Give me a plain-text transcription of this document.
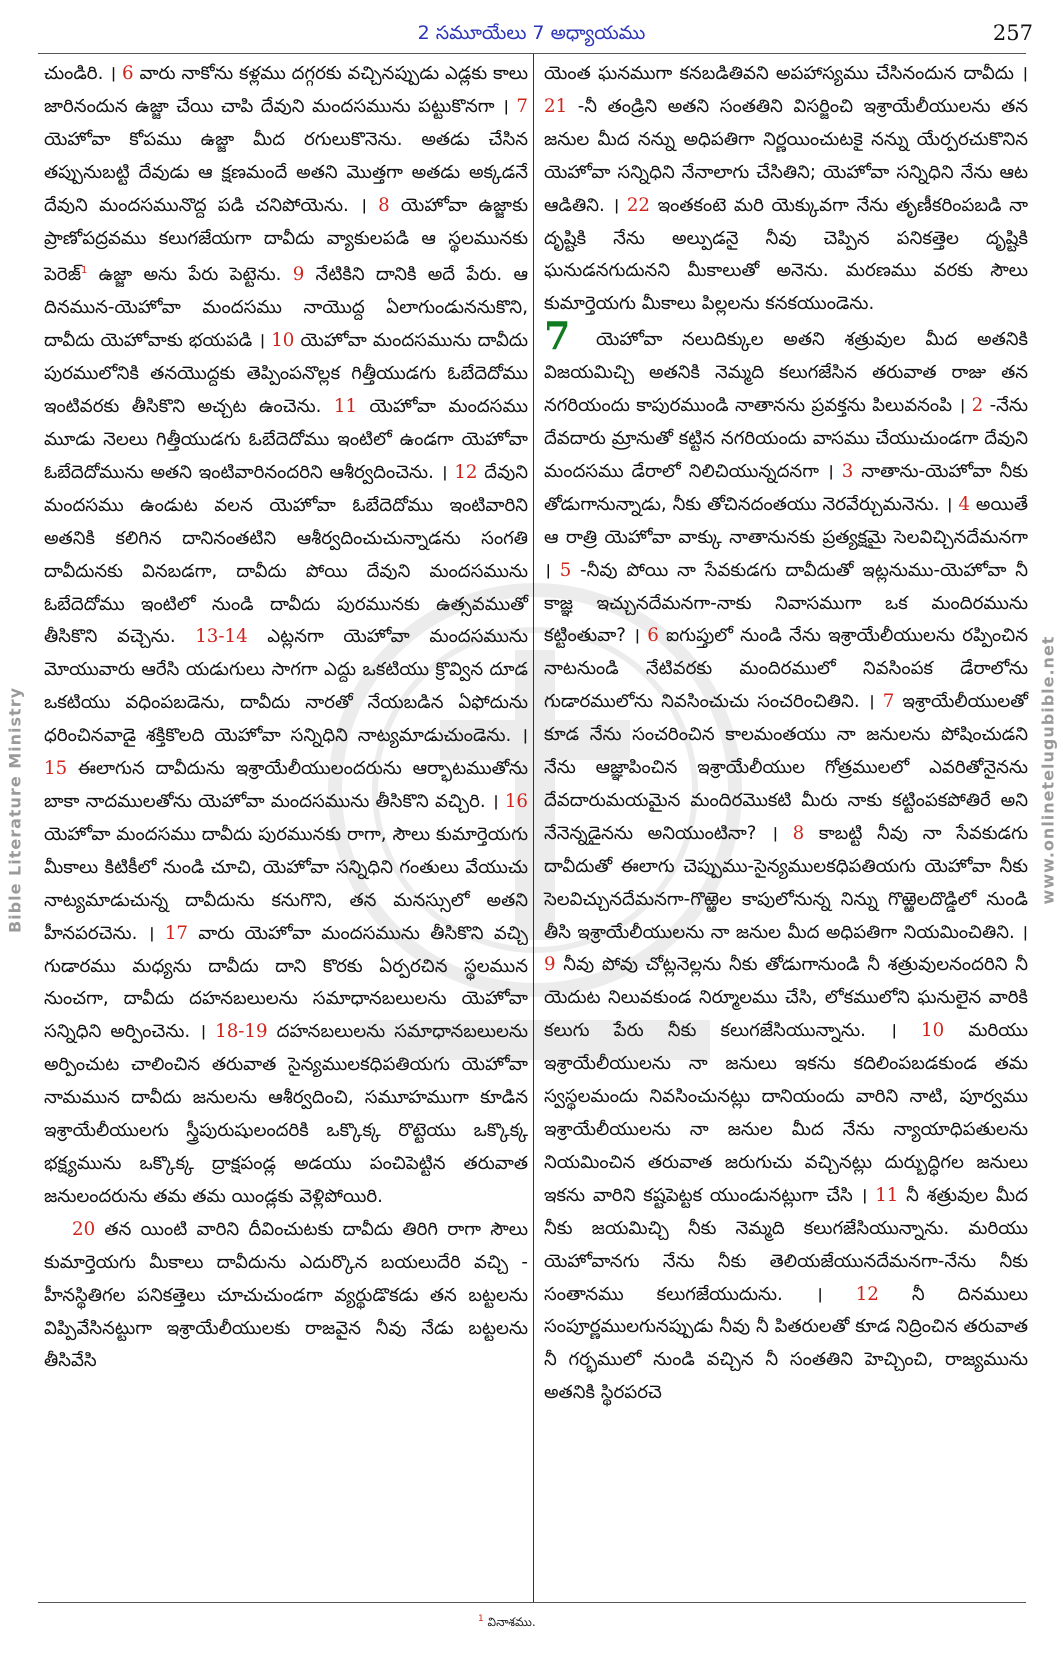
2 సమూయేలు 7 అధ్యాయము	257
Bible Literature Ministry	www.onlinetelugubible.net

చుండిరి. । 6 వారు నాకోను కళ్లము దగ్గరకు వచ్చినప్పుడు ఎడ్లకు కాలు జారినందున ఉజ్జా చేయి చాపి దేవుని మందసమును పట్టుకొనగా । 7 యెహోవా కోపము ఉజ్జా మీద రగులుకొనెను. అతడు చేసిన తప్పునుబట్టి దేవుడు ఆ క్షణమందే అతని మొత్తగా అతడు అక్కడనే దేవుని మందసమునొద్ద పడి చనిపోయెను. । 8 యెహోవా ఉజ్జాకు ప్రాణోపద్రవము కలుగజేయగా దావీదు వ్యాకులపడి ఆ స్థలమునకు పెరెజ్$^1$ ఉజ్జా అను పేరు పెట్టెను. 9 నేటికిని దానికి అదే పేరు. ఆ దినమున-యెహోవా మందసము నాయొద్ద ఏలాగుండుననుకొని, దావీదు యెహోవాకు భయపడి । 10 యెహోవా మందసమును దావీదు పురములోనికి తనయొద్దకు తెప్పింపనొల్లక గిత్తీయుడగు ఓబేదెదోము ఇంటివరకు తీసికొని అచ్చట ఉంచెను. 11 యెహోవా మందసము మూడు నెలలు గిత్తీయుడగు ఓబేదెదోము ఇంటిలో ఉండగా యెహోవా ఓబేదెదోమును అతని ఇంటివారినందరిని ఆశీర్వదించెను. । 12 దేవుని మందసము ఉండుట వలన యెహోవా ఓబేదెదోము ఇంటివారిని అతనికి కలిగిన దానినంతటిని ఆశీర్వదించుచున్నాడను సంగతి దావీదునకు వినబడగా, దావీదు పోయి దేవుని మందసమును ఓబేదెదోము ఇంటిలో నుండి దావీదు పురమునకు ఉత్సవముతో తీసికొని వచ్చెను. 13-14 ఎట్లనగా యెహోవా మందసమును మోయువారు ఆరేసి యడుగులు సాగగా ఎద్దు ఒకటియు క్రొవ్విన దూడ ఒకటియు వధింపబడెను, దావీదు నారతో నేయబడిన ఏఫోదును ధరించినవాడై శక్తికొలది యెహోవా సన్నిధిని నాట్యమాడుచుండెను. । 15 ఈలాగున దావీదును ఇశ్రాయేలీయులందరును ఆర్భాటముతోను బాకా నాదములతోను యెహోవా మందసమును తీసికొని వచ్చిరి. । 16 యెహోవా మందసము దావీదు పురమునకు రాగా, సౌలు కుమార్తెయగు మీకాలు కిటికీలో నుండి చూచి, యెహోవా సన్నిధిని గంతులు వేయుచు నాట్యమాడుచున్న దావీదును కనుగొని, తన మనస్సులో అతని హీనపరచెను. । 17 వారు యెహోవా మందసమును తీసికొని వచ్చి గుడారము మధ్యను దావీదు దాని కొరకు ఏర్పరచిన స్థలమున నుంచగా, దావీదు దహనబలులను సమాధానబలులను యెహోవా సన్నిధిని అర్పించెను. । 18-19 దహనబలులను సమాధానబలులను అర్పించుట చాలించిన తరువాత సైన్యములకధిపతియగు యెహోవా నామమున దావీదు జనులను ఆశీర్వదించి, సమూహముగా కూడిన ఇశ్రాయేలీయులగు స్త్రీపురుషులందరికి ఒక్కొక్క రొట్టెయు ఒక్కొక్క భక్ష్యమును ఒక్కొక్క ద్రాక్షపండ్ల అడయు పంచిపెట్టిన తరువాత జనులందరును తమ తమ యిండ్లకు వెళ్లిపోయిరి.

20 తన యింటి వారిని దీవించుటకు దావీదు తిరిగి రాగా సౌలు కుమార్తెయగు మీకాలు దావీదును ఎదుర్కొన బయలుదేరి వచ్చి - హీనస్థితిగల పనికత్తెలు చూచుచుండగా వ్యర్థుడొకడు తన బట్టలను విప్పివేసినట్టుగా ఇశ్రాయేలీయులకు రాజవైన నీవు నేడు బట్టలను తీసివేసి

యెంత ఘనముగా కనబడితివని అపహాస్యము చేసినందున దావీదు । 21 -నీ తండ్రిని అతని సంతతిని విసర్జించి ఇశ్రాయేలీయులను తన జనుల మీద నన్ను అధిపతిగా నిర్ణయించుటకై నన్ను యేర్పరచుకొనిన యెహోవా సన్నిధిని నేనాలాగు చేసితిని; యెహోవా సన్నిధిని నేను ఆట ఆడితిని. । 22 ఇంతకంటె మరి యెక్కువగా నేను తృణీకరింపబడి నా దృష్టికి నేను అల్పుడనై నీవు చెప్పిన పనికత్తెల దృష్టికి ఘనుడనగుదునని మీకాలుతో అనెను. మరణము వరకు సౌలు కుమార్తెయగు మీకాలు పిల్లలను కనకయుండెను.

7 యెహోవా నలుదిక్కుల అతని శత్రువుల మీద అతనికి విజయమిచ్చి అతనికి నెమ్మది కలుగజేసిన తరువాత రాజు తన నగరియందు కాపురముండి నాతానను ప్రవక్తను పిలువనంపి । 2 -నేను దేవదారు మ్రానుతో కట్టిన నగరియందు వాసము చేయుచుండగా దేవుని మందసము డేరాలో నిలిచియున్నదనగా । 3 నాతాను-యెహోవా నీకు తోడుగానున్నాడు, నీకు తోచినదంతయు నెరవేర్చుమనెను. । 4 అయితే ఆ రాత్రి యెహోవా వాక్కు నాతానునకు ప్రత్యక్షమై సెలవిచ్చినదేమనగా । 5 -నీవు పోయి నా సేవకుడగు దావీదుతో ఇట్లనుము-యెహోవా నీ కాజ్ఞ ఇచ్చునదేమనగా-నాకు నివాసముగా ఒక మందిరమును కట్టింతువా? । 6 ఐగుప్తులో నుండి నేను ఇశ్రాయేలీయులను రప్పించిన నాటనుండి నేటివరకు మందిరములో నివసింపక డేరాలోను గుడారములోను నివసించుచు సంచరించితిని. । 7 ఇశ్రాయేలీయులతో కూడ నేను సంచరించిన కాలమంతయు నా జనులను పోషించుడని నేను ఆజ్ఞాపించిన ఇశ్రాయేలీయుల గోత్రములలో ఎవరితోనైనను దేవదారుమయమైన మందిరమొకటి మీరు నాకు కట్టింపకపోతిరే అని నేనెన్నడైనను అనియుంటినా? । 8 కాబట్టి నీవు నా సేవకుడగు దావీదుతో ఈలాగు చెప్పుము-సైన్యములకధిపతియగు యెహోవా నీకు సెలవిచ్చునదేమనగా-గొఱ్ఱెల కాపులోనున్న నిన్ను గొఱ్ఱెలదొడ్డిలో నుండి తీసి ఇశ్రాయేలీయులను నా జనుల మీద అధిపతిగా నియమించితిని. । 9 నీవు పోవు చోట్లనెల్లను నీకు తోడుగానుండి నీ శత్రువులనందరిని నీ యెదుట నిలువకుండ నిర్మూలము చేసి, లోకములోని ఘనులైన వారికి కలుగు పేరు నీకు కలుగజేసియున్నాను. । 10 మరియు ఇశ్రాయేలీయులను నా జనులు ఇకను కదిలింపబడకుండ తమ స్వస్థలమందు నివసించునట్లు దానియందు వారిని నాటి, పూర్వము ఇశ్రాయేలీయులను నా జనుల మీద నేను న్యాయాధిపతులను నియమించిన తరువాత జరుగుచు వచ్చినట్లు దుర్బుద్ధిగల జనులు ఇకను వారిని కష్టపెట్టక యుండునట్లుగా చేసి । 11 నీ శత్రువుల మీద నీకు జయమిచ్చి నీకు నెమ్మది కలుగజేసియున్నాను. మరియు యెహోవానగు నేను నీకు తెలియజేయునదేమనగా-నేను నీకు సంతానము కలుగజేయుదును. । 12 నీ దినములు సంపూర్ణములగునప్పుడు నీవు నీ పితరులతో కూడ నిద్రించిన తరువాత నీ గర్భములో నుండి వచ్చిన నీ సంతతిని హెచ్చించి, రాజ్యమును అతనికి స్థిరపరచె

$^1$ వినాశము.
